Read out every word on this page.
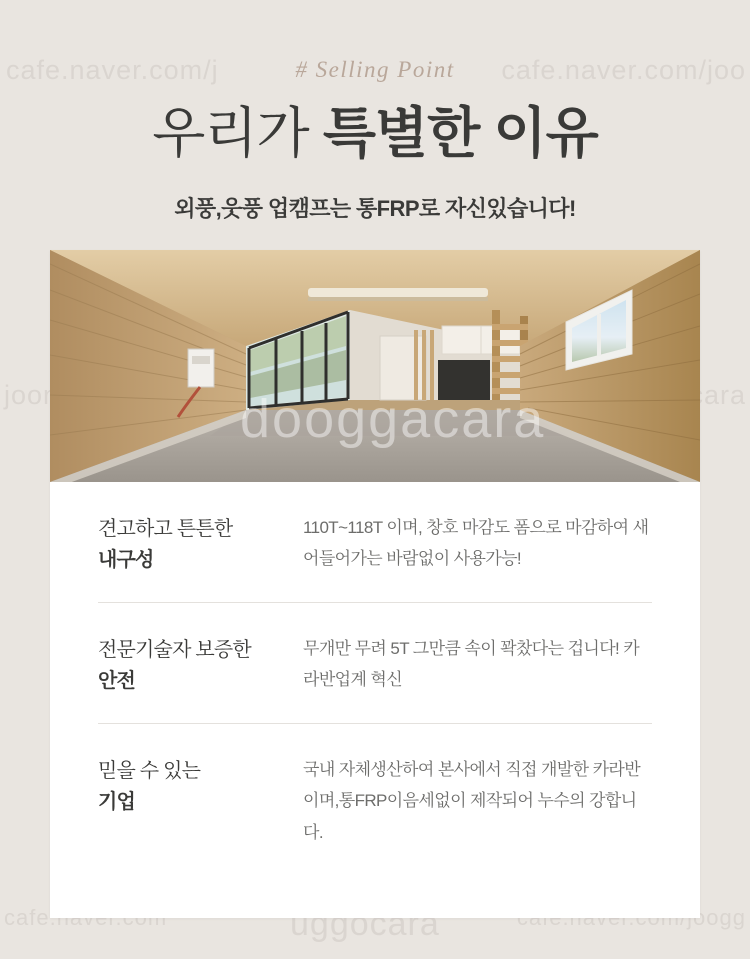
cafe.naver.com/j	cafe.naver.com/joo
uggocara
# Selling Point
우리가 특별한 이유
외풍,웃풍 업캠프는 통FRP로 자신있습니다!
dooggacara
견고하고 튼튼한
내구성
110T~118T 이며, 창호 마감도 폼으로 마감하여 새어들어가는 바람없이 사용가능!
전문기술자 보증한
안전
무개만 무려 5T 그만큼 속이 꽉찼다는 겁니다! 카라반업계 혁신
믿을 수 있는
기업
국내 자체생산하여 본사에서 직접 개발한 카라반이며,통FRP이음세없이 제작되어 누수의 강합니다.
